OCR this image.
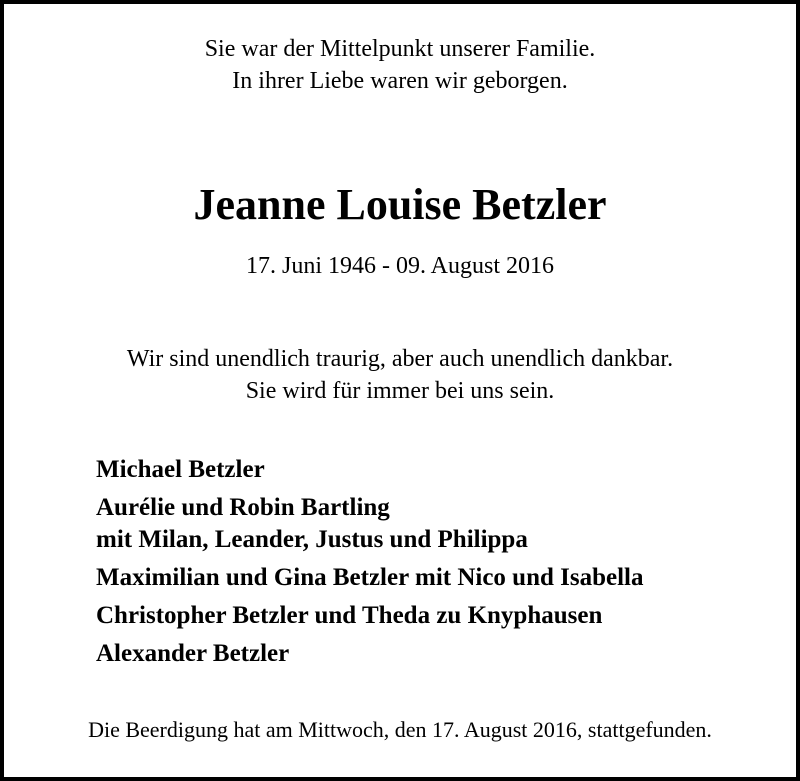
Sie war der Mittelpunkt unserer Familie.
In ihrer Liebe waren wir geborgen.
Jeanne Louise Betzler
17. Juni 1946 - 09. August 2016
Wir sind unendlich traurig, aber auch unendlich dankbar.
Sie wird für immer bei uns sein.
Michael Betzler
Aurélie und Robin Bartling
mit Milan, Leander, Justus und Philippa
Maximilian und Gina Betzler mit Nico und Isabella
Christopher Betzler und Theda zu Knyphausen
Alexander Betzler
Die Beerdigung hat am Mittwoch, den 17. August 2016, stattgefunden.
